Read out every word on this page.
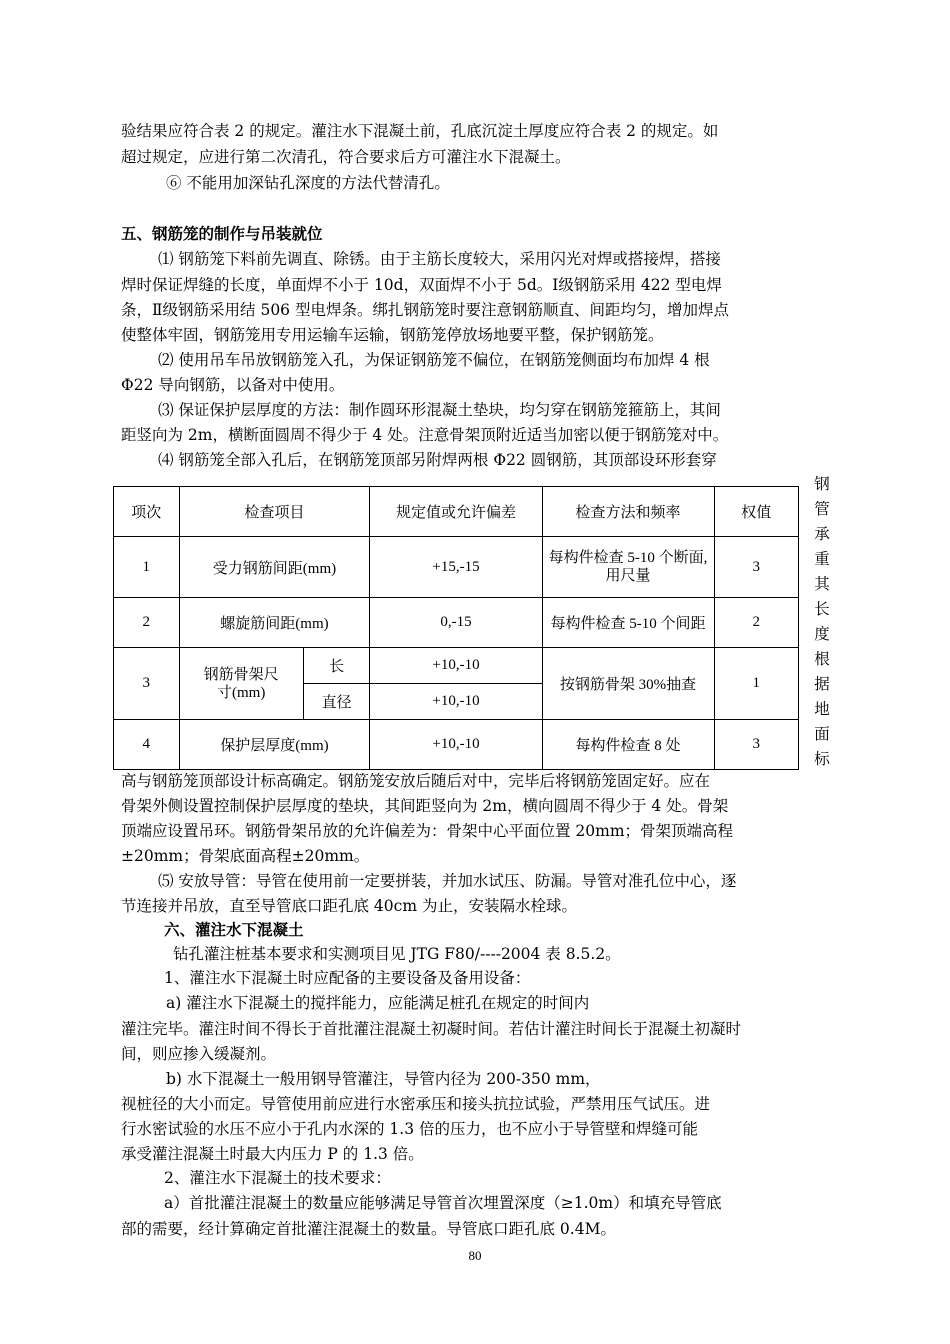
验结果应符合表 2 的规定。灌注水下混凝土前，孔底沉淀土厚度应符合表 2 的规定。如
超过规定，应进行第二次清孔，符合要求后方可灌注水下混凝土。
⑥ 不能用加深钻孔深度的方法代替清孔。
五、钢筋笼的制作与吊装就位
⑴ 钢筋笼下料前先调直、除锈。由于主筋长度较大，采用闪光对焊或搭接焊，搭接
焊时保证焊缝的长度，单面焊不小于 10d，双面焊不小于 5d。Ⅰ级钢筋采用 422 型电焊
条，Ⅱ级钢筋采用结 506 型电焊条。绑扎钢筋笼时要注意钢筋顺直、间距均匀，增加焊点
使整体牢固，钢筋笼用专用运输车运输，钢筋笼停放场地要平整，保护钢筋笼。
⑵ 使用吊车吊放钢筋笼入孔，为保证钢筋笼不偏位，在钢筋笼侧面均布加焊 4 根
Φ22 导向钢筋，以备对中使用。
⑶ 保证保护层厚度的方法：制作圆环形混凝土垫块，均匀穿在钢筋笼箍筋上，其间
距竖向为 2m，横断面圆周不得少于 4 处。注意骨架顶附近适当加密以便于钢筋笼对中。
⑷ 钢筋笼全部入孔后，在钢筋笼顶部另附焊两根 Φ22 圆钢筋，其顶部设环形套穿
钢
管
承
重
其
长
度
根
据
地
面
标
项次	检查项目		规定值或允许偏差	检查方法和频率	权值
1	受力钢筋间距(mm)		+15,-15	每构件检查 5-10 个断面,
用尺量	3
2	螺旋筋间距(mm)		0,-15	每构件检查 5-10 个间距	2
3	钢筋骨架尺
寸(mm)	长	+10,-10	按钢筋骨架 30%抽查	1
		直径	+10,-10		
4	保护层厚度(mm)		+10,-10	每构件检查 8 处	3
高与钢筋笼顶部设计标高确定。钢筋笼安放后随后对中，完毕后将钢筋笼固定好。应在
骨架外侧设置控制保护层厚度的垫块，其间距竖向为 2m，横向圆周不得少于 4 处。骨架
顶端应设置吊环。钢筋骨架吊放的允许偏差为：骨架中心平面位置 20mm；骨架顶端高程
±20mm；骨架底面高程±20mm。
⑸ 安放导管：导管在使用前一定要拼装，并加水试压、防漏。导管对准孔位中心，逐
节连接并吊放，直至导管底口距孔底 40cm 为止，安装隔水栓球。
六、灌注水下混凝土
钻孔灌注桩基本要求和实测项目见 JTG F80/----2004 表 8.5.2。
1、灌注水下混凝土时应配备的主要设备及备用设备：
a) 灌注水下混凝土的搅拌能力，应能满足桩孔在规定的时间内
灌注完毕。灌注时间不得长于首批灌注混凝土初凝时间。若估计灌注时间长于混凝土初凝时
间，则应掺入缓凝剂。
b) 水下混凝土一般用钢导管灌注，导管内径为 200-350 mm，
视桩径的大小而定。导管使用前应进行水密承压和接头抗拉试验，严禁用压气试压。进
行水密试验的水压不应小于孔内水深的 1.3 倍的压力，也不应小于导管壁和焊缝可能
承受灌注混凝土时最大内压力 P 的 1.3 倍。
2、灌注水下混凝土的技术要求：
a）首批灌注混凝土的数量应能够满足导管首次埋置深度（≥1.0m）和填充导管底
部的需要，经计算确定首批灌注混凝土的数量。导管底口距孔底 0.4M。
80
